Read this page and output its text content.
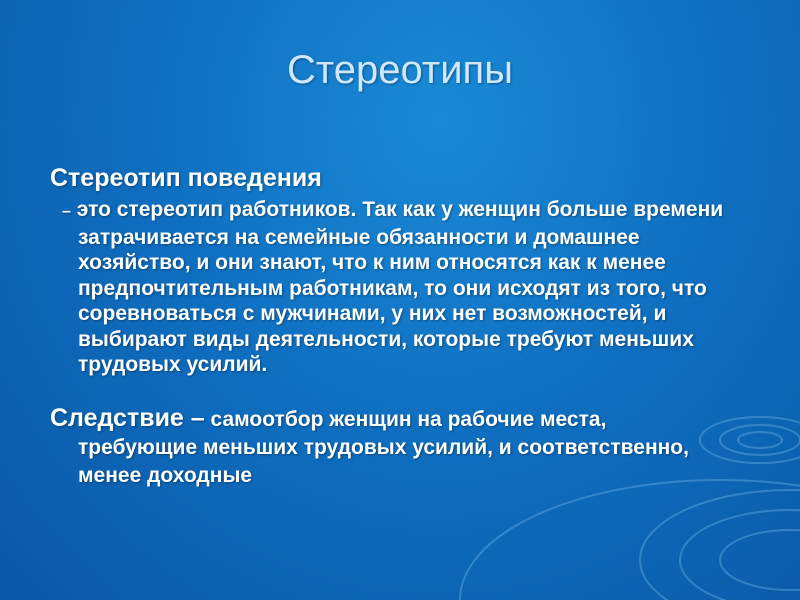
Стереотипы
Стереотип поведения
– это стереотип работников. Так как у женщин больше времени затрачивается на семейные обязанности и домашнее хозяйство, и они знают, что к ним относятся как к менее предпочтительным работникам, то они исходят из того, что соревноваться с мужчинами, у них нет возможностей, и выбирают виды деятельности, которые требуют меньших трудовых усилий.
Следствие – самоотбор женщин на рабочие места, требующие меньших трудовых усилий, и соответственно, менее доходные
